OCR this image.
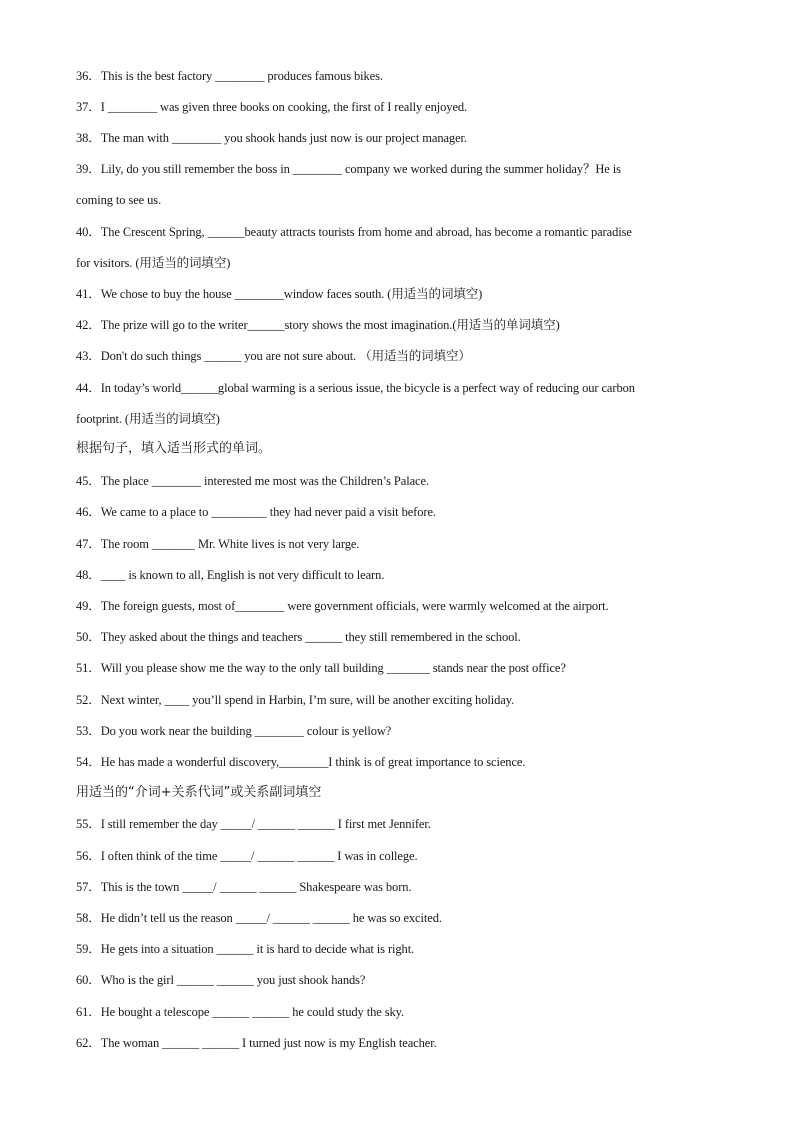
36．This is the best factory ________ produces famous bikes.
37．I ________ was given three books on cooking, the first of I really enjoyed.
38．The man with ________ you shook hands just now is our project manager.
39．Lily, do you still remember the boss in ________ company we worked during the summer holiday？He is
coming to see us.
40．The Crescent Spring, ______beauty attracts tourists from home and abroad, has become a romantic paradise
for visitors. (用适当的词填空)
41．We chose to buy the house ________window faces south. (用适当的词填空)
42．The prize will go to the writer______story shows the most imagination.(用适当的单词填空)
43．Don't do such things ______ you are not sure about. （用适当的词填空）
44．In today’s world______global warming is a serious issue, the bicycle is a perfect way of reducing our carbon
footprint. (用适当的词填空)
根据句子，填入适当形式的单词。
45．The place ________ interested me most was the Children’s Palace.
46．We came to a place to _________ they had never paid a visit before.
47．The room _______ Mr. White lives is not very large.
48．____ is known to all, English is not very difficult to learn.
49．The foreign guests, most of________ were government officials, were warmly welcomed at the airport.
50．They asked about the things and teachers ______ they still remembered in the school.
51．Will you please show me the way to the only tall building _______ stands near the post office?
52．Next winter, ____ you’ll spend in Harbin, I’m sure, will be another exciting holiday.
53．Do you work near the building ________ colour is yellow?
54．He has made a wonderful discovery,________I think is of great importance to science.
用适当的“介词+关系代词”或关系副词填空
55．I still remember the day _____/ ______ ______ I first met Jennifer.
56．I often think of the time _____/ ______ ______ I was in college.
57．This is the town _____/ ______ ______ Shakespeare was born.
58．He didn’t tell us the reason _____/ ______ ______ he was so excited.
59．He gets into a situation ______ it is hard to decide what is right.
60．Who is the girl ______ ______ you just shook hands?
61．He bought a telescope ______ ______ he could study the sky.
62．The woman ______ ______ I turned just now is my English teacher.
